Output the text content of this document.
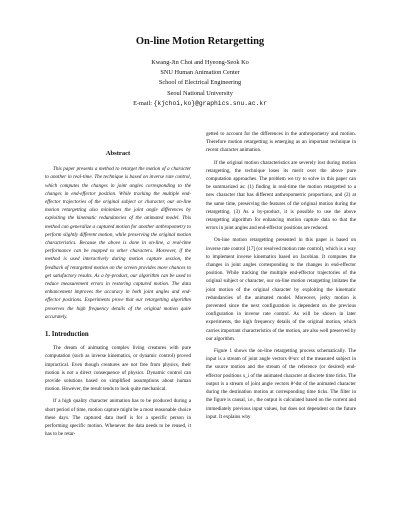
On-line Motion Retargetting
Kwang-Jin Choi and Hyeong-Seok Ko
SNU Human Animation Center
School of Electrical Engineering
Seoul National University
E-mail: {kjchoi,ko}@graphics.snu.ac.kr
Abstract

This paper presents a method to retarget the motion of a character to another in real-time. The technique is based on inverse rate control, which computes the changes in joint angles corresponding to the changes in end-effector position. While tracking the multiple end-effector trajectories of the original subject or character, our on-line motion retargetting also minimizes the joint angle differences by exploiting the kinematic redundancies of the animated model. This method can generalize a captured motion for another anthropometry to perform slightly different motion, while preserving the original motion characteristics. Because the above is done in on-line, a real-time performance can be mapped to other characters. Moreover, if the method is used interactively during motion capture session, the feedback of retargetted motion on the screen provides more chances to get satisfactory results. As a by-product, our algorithm can be used to reduce measurement errors in restoring captured motion. The data enhancement improves the accuracy in both joint angles and end-effector positions. Experiments prove that our retargetting algorithm preserves the high frequency details of the original motion quite accurately.

1. Introduction

The dream of animating complex living creatures with pure computation (such as inverse kinematics, or dynamic control) proved impractical. Even though creatures are not free from physics, their motion is not a direct consequence of physics. Dynamic control can provide solutions based on simplified assumptions about human motion. However, the result tends to look quite mechanical.

If a high quality character animation has to be produced during a short period of time, motion capture might be a most reasonable choice these days. The captured data itself is for a specific person in performing specific motion. Whenever the data needs to be reused, it has to be retar-

getted to account for the differences in the anthropometry and motion. Therefore motion retargetting is emerging as an important technique in recent character animation.

If the original motion characteristics are severely lost during motion retargetting, the technique loses its merit over the above pure computation approaches. The problem we try to solve in this paper can be summarized as: (1) finding in real-time the motion retargetted to a new character that has different anthropometric proportions, and (2) at the same time, preserving the features of the original motion during the retargetting. (3) As a by-product, it is possible to use the above retargetting algorithm for enhancing motion capture data so that the errors in joint angles and end-effector positions are reduced.

On-line motion retargetting presented in this paper is based on inverse rate control [17] (or resolved motion rate control), which is a way to implement inverse kinematics based on Jacobian. It computes the changes in joint angles corresponding to the changes in end-effector position. While tracking the multiple end-effector trajectories of the original subject or character, our on-line motion retargetting imitates the joint motion of the original character by exploiting the kinematic redundancies of the animated model. Moreover, jerky motion is prevented since the next configuration is dependent on the previous configuration in inverse rate control. As will be shown in later experiments, the high frequency details of the original motion, which carries important characteristics of the motion, are also well preserved by our algorithm.

Figure 1 shows the on-line retargetting process schematically. The input is a stream of joint angle vectors θ^src of the measured subject in the source motion and the stream of the reference (or desired) end-effector positions x_i of the animated character at discrete time ticks. The output is a stream of joint angle vectors θ^dst of the animated character during the destination motion at corresponding time ticks. The filter in the figure is causal, i.e., the output is calculated based on the current and immediately previous input values, but does not dependent on the future input. It explains why
